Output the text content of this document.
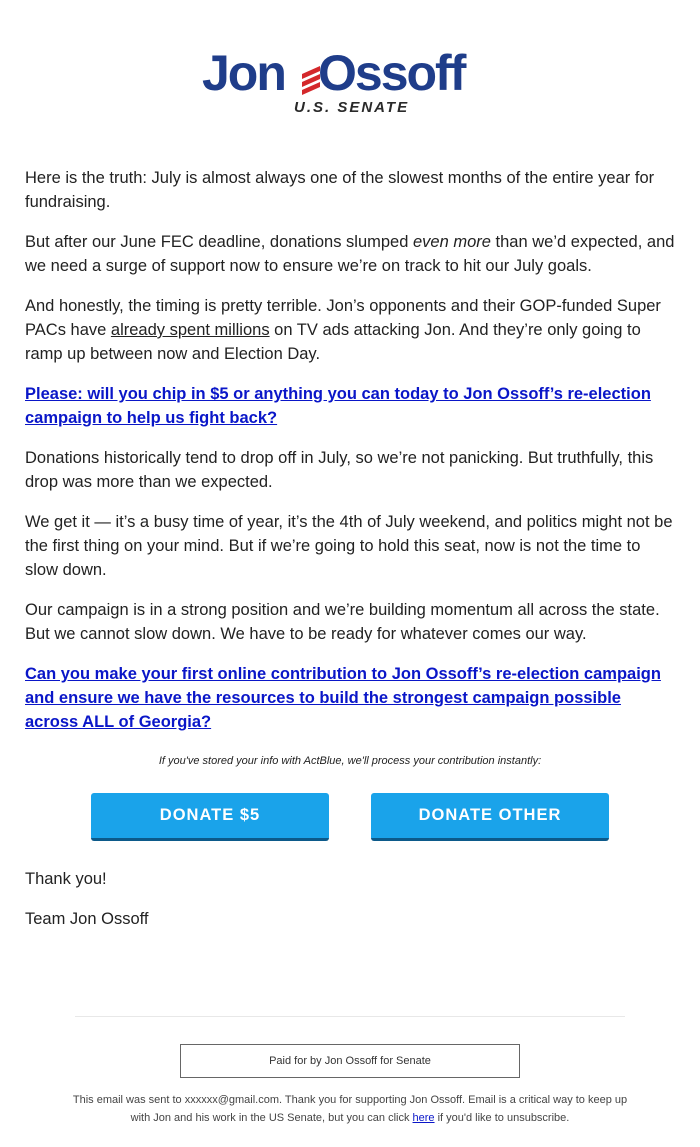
Jon Ossoff
U.S. SENATE

Here is the truth: July is almost always one of the slowest months of the entire year for fundraising.

But after our June FEC deadline, donations slumped even more than we’d expected, and we need a surge of support now to ensure we’re on track to hit our July goals.

And honestly, the timing is pretty terrible. Jon’s opponents and their GOP-funded Super PACs have already spent millions on TV ads attacking Jon. And they’re only going to ramp up between now and Election Day.

Please: will you chip in $5 or anything you can today to Jon Ossoff’s re-election campaign to help us fight back?

Donations historically tend to drop off in July, so we’re not panicking. But truthfully, this drop was more than we expected.

We get it — it’s a busy time of year, it’s the 4th of July weekend, and politics might not be the first thing on your mind. But if we’re going to hold this seat, now is not the time to slow down.

Our campaign is in a strong position and we’re building momentum all across the state. But we cannot slow down. We have to be ready for whatever comes our way.

Can you make your first online contribution to Jon Ossoff’s re-election campaign and ensure we have the resources to build the strongest campaign possible across ALL of Georgia?
If you've stored your info with ActBlue, we'll process your contribution instantly:
DONATE $5	DONATE OTHER
Thank you!
Team Jon Ossoff
Paid for by Jon Ossoff for Senate
This email was sent to xxxxxx@gmail.com. Thank you for supporting Jon Ossoff. Email is a critical way to keep up with Jon and his work in the US Senate, but you can click here if you'd like to unsubscribe.
